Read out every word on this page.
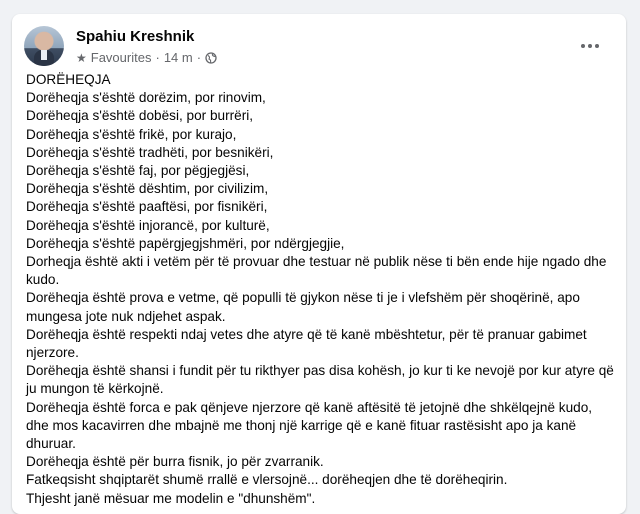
Spahiu Kreshnik
★ Favourites · 14 m ·
DORËHEQJA
Dorëheqja s'është dorëzim, por rinovim,
Dorëheqja s'është dobësi, por burrëri,
Dorëheqja s'është frikë, por kurajo,
Dorëheqja s'është tradhëti, por besnikëri,
Dorëheqja s'është faj, por pëgjegjësi,
Dorëheqja s'është dështim, por civilizim,
Dorëheqja s'është paaftësi, por fisnikëri,
Dorëheqja s'është injorancë, por kulturë,
Dorëheqja s'është papërgjegjshmëri, por ndërgjegjie,
Dorheqja është akti i vetëm për të provuar dhe testuar në publik nëse ti bën ende hije ngado dhe kudo.
Dorëheqja është prova e vetme, që populli të gjykon nëse ti je i vlefshëm për shoqërinë, apo mungesa jote nuk ndjehet aspak.
Dorëheqja është respekti ndaj vetes dhe atyre që të kanë mbështetur, për të pranuar gabimet njerzore.
Dorëheqja është shansi i fundit për tu rikthyer pas disa kohësh, jo kur ti ke nevojë por kur atyre që ju mungon të kërkojnë.
Dorëheqja është forca e pak qënjeve njerzore që kanë aftësitë të jetojnë dhe shkëlqejnë kudo, dhe mos kacavirren dhe mbajnë me thonj një karrige që e kanë fituar rastësisht apo ja kanë dhuruar.
Dorëheqja është për burra fisnik, jo për zvarranik.
Fatkeqsisht shqiptarët shumë rrallë e vlersojnë... dorëheqjen dhe të dorëheqirin.
Thjesht janë mësuar me modelin e "dhunshëm".
